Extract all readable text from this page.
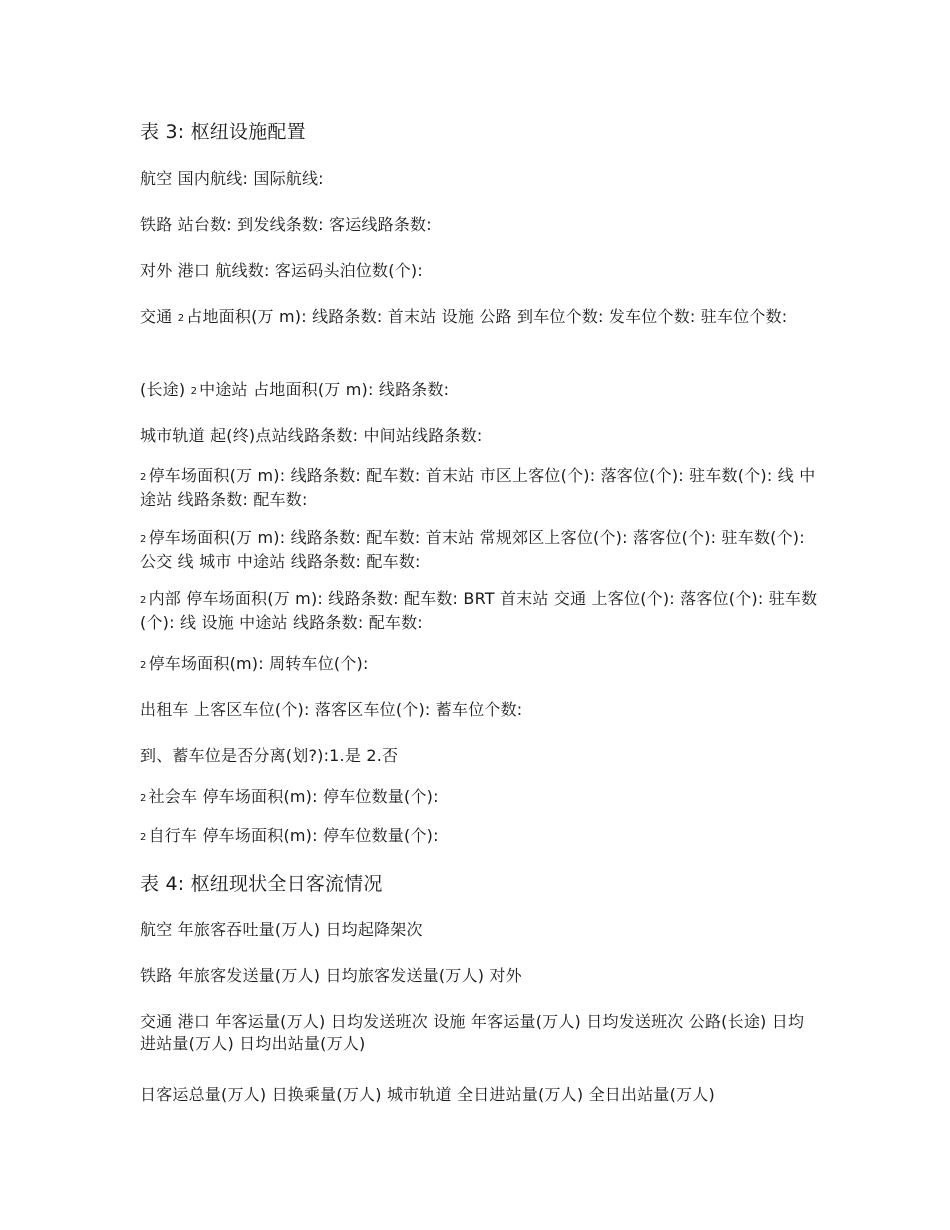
表 3: 枢纽设施配置
航空 国内航线: 国际航线:
铁路 站台数: 到发线条数: 客运线路条数:
对外 港口 航线数: 客运码头泊位数(个):
交通 2 占地面积(万 m): 线路条数: 首末站 设施 公路 到车位个数: 发车位个数: 驻车位个数:
(长途) 2 中途站 占地面积(万 m): 线路条数:
城市轨道 起(终)点站线路条数: 中间站线路条数:
2 停车场面积(万 m): 线路条数: 配车数: 首末站 市区上客位(个): 落客位(个): 驻车数(个): 线 中途站 线路条数: 配车数:
2 停车场面积(万 m): 线路条数: 配车数: 首末站 常规郊区上客位(个): 落客位(个): 驻车数(个): 公交 线 城市 中途站 线路条数: 配车数:
2 内部 停车场面积(万 m): 线路条数: 配车数: BRT 首末站 交通 上客位(个): 落客位(个): 驻车数(个): 线 设施 中途站 线路条数: 配车数:
2 停车场面积(m): 周转车位(个):
出租车 上客区车位(个): 落客区车位(个): 蓄车位个数:
到、蓄车位是否分离(划?):1.是 2.否
2 社会车 停车场面积(m): 停车位数量(个):
2 自行车 停车场面积(m): 停车位数量(个):
表 4: 枢纽现状全日客流情况
航空 年旅客吞吐量(万人) 日均起降架次
铁路 年旅客发送量(万人) 日均旅客发送量(万人) 对外
交通 港口 年客运量(万人) 日均发送班次 设施 年客运量(万人) 日均发送班次 公路(长途) 日均进站量(万人) 日均出站量(万人)
日客运总量(万人) 日换乘量(万人) 城市轨道 全日进站量(万人) 全日出站量(万人)
